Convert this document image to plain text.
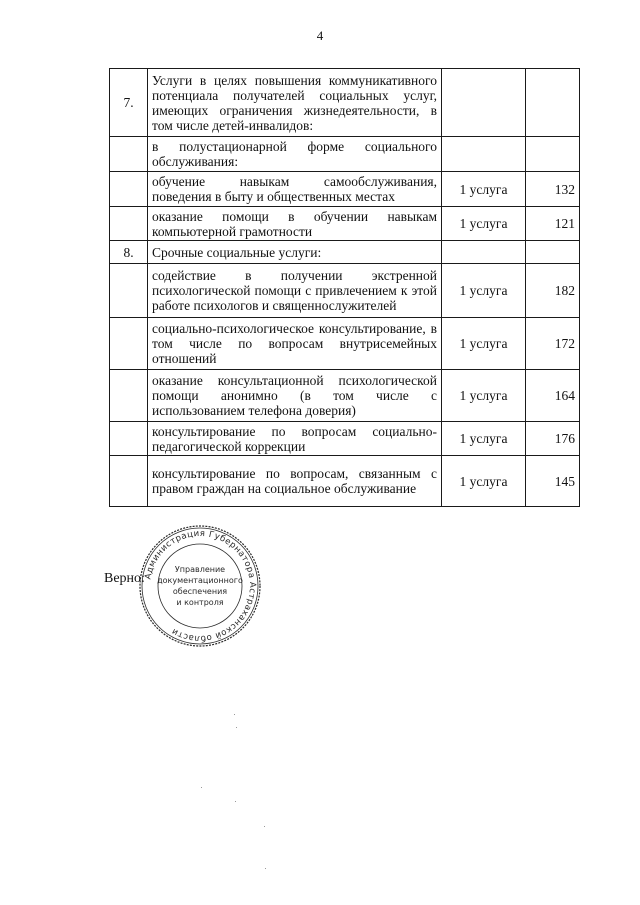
4
7.	Услуги в целях повышения коммуникативного потенциала получателей социальных услуг, имеющих ограничения жизнедеятельности, в том числе детей-инвалидов:		
	в полустационарной форме социального обслуживания:		
	обучение навыкам самообслуживания, поведения в быту и общественных местах	1 услуга	132
	оказание помощи в обучении навыкам компьютерной грамотности	1 услуга	121
8.	Срочные социальные услуги:		
	содействие в получении экстренной психологической помощи с привлечением к этой работе психологов и священнослужителей	1 услуга	182
	социально-психологическое консультирование, в том числе по вопросам внутрисемейных отношений	1 услуга	172
	оказание консультационной психологической помощи анонимно (в том числе с использованием телефона доверия)	1 услуга	164
	консультирование по вопросам социально-педагогической коррекции	1 услуга	176
	консультирование по вопросам, связанным с правом граждан на социальное обслуживание	1 услуга	145
Верно:
Администрация Губернатора Астраханской области
Управление
документационного
обеспечения
и контроля
